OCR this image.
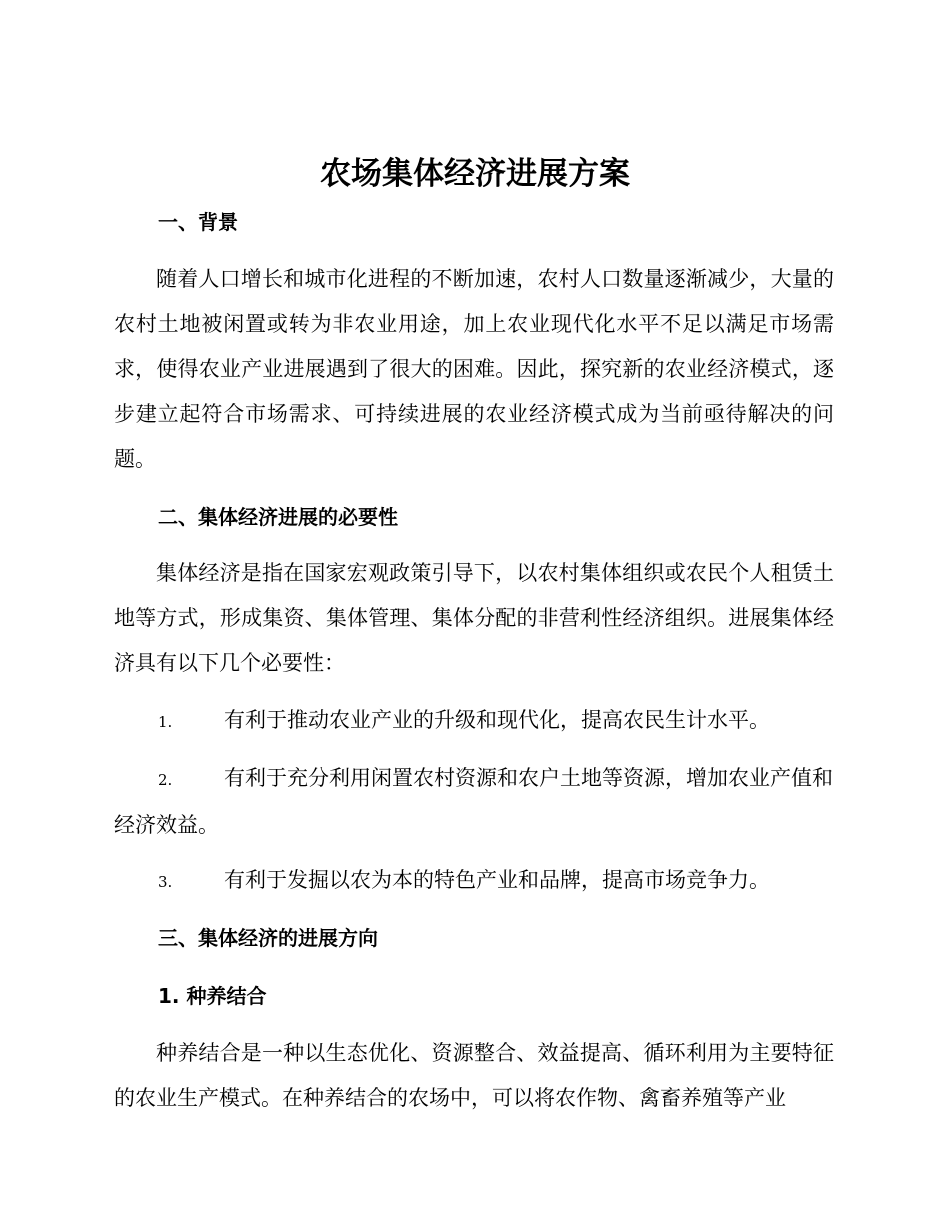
农场集体经济进展方案
一、背景

随着人口增长和城市化进程的不断加速，农村人口数量逐渐减少，大量的农村土地被闲置或转为非农业用途，加上农业现代化水平不足以满足市场需求，使得农业产业进展遇到了很大的困难。因此，探究新的农业经济模式，逐步建立起符合市场需求、可持续进展的农业经济模式成为当前亟待解决的问题。

二、集体经济进展的必要性

集体经济是指在国家宏观政策引导下，以农村集体组织或农民个人租赁土地等方式，形成集资、集体管理、集体分配的非营利性经济组织。进展集体经济具有以下几个必要性：

1. 有利于推动农业产业的升级和现代化，提高农民生计水平。

2. 有利于充分利用闲置农村资源和农户土地等资源，增加农业产值和经济效益。

3. 有利于发掘以农为本的特色产业和品牌，提高市场竞争力。

三、集体经济的进展方向
1. 种养结合

种养结合是一种以生态优化、资源整合、效益提高、循环利用为主要特征的农业生产模式。在种养结合的农场中，可以将农作物、禽畜养殖等产业
